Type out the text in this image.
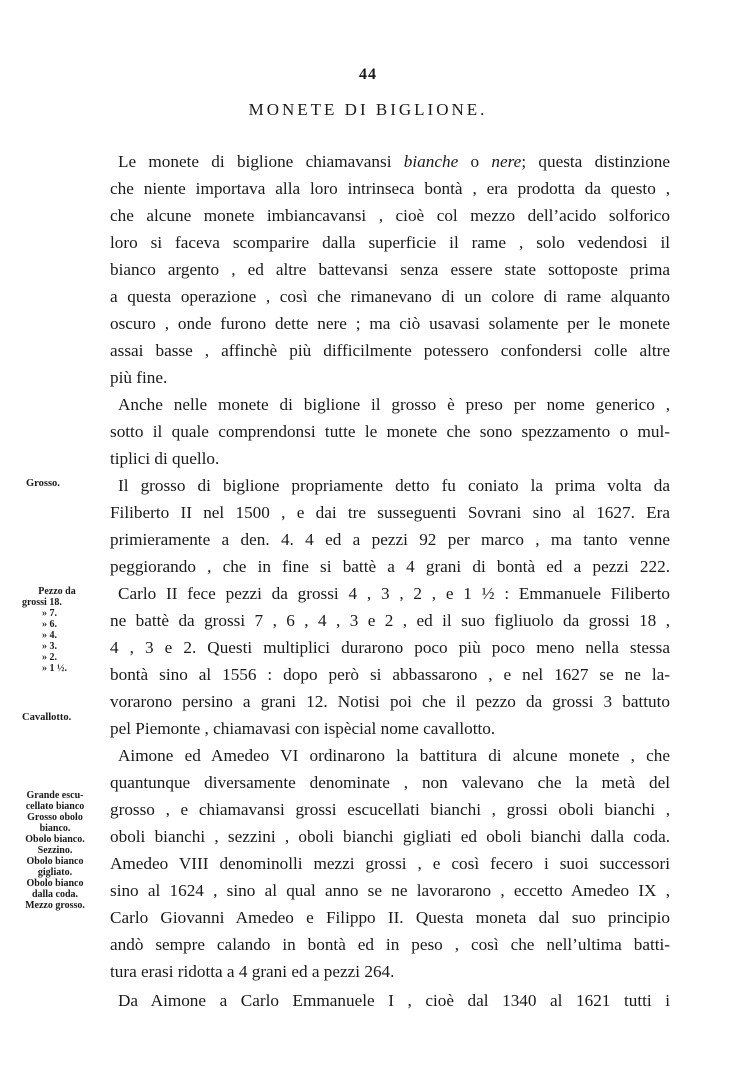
44
MONETE DI BIGLIONE.
Le monete di biglione chiamavansi bianche o nere; questa distinzione
che niente importava alla loro intrinseca bontà , era prodotta da questo ,
che alcune monete imbiancavansi , cioè col mezzo dell’acido solforico
loro si faceva scomparire dalla superficie il rame , solo vedendosi il
bianco argento , ed altre battevansi senza essere state sottoposte prima
a questa operazione , così che rimanevano di un colore di rame alquanto
oscuro , onde furono dette nere ; ma ciò usavasi solamente per le monete
assai basse , affinchè più difficilmente potessero confondersi colle altre
più fine.
Anche nelle monete di biglione il grosso è preso per nome generico ,
sotto il quale comprendonsi tutte le monete che sono spezzamento o mul-
tiplici di quello.
Il grosso di biglione propriamente detto fu coniato la prima volta da
Filiberto II nel 1500 , e dai tre susseguenti Sovrani sino al 1627. Era
primieramente a den. 4. 4 ed a pezzi 92 per marco , ma tanto venne
peggiorando , che in fine si battè a 4 grani di bontà ed a pezzi 222.
Carlo II fece pezzi da grossi 4 , 3 , 2 , e 1 ½ : Emmanuele Filiberto
ne battè da grossi 7 , 6 , 4 , 3 e 2 , ed il suo figliuolo da grossi 18 ,
4 , 3 e 2. Questi multiplici durarono poco più poco meno nella stessa
bontà sino al 1556 : dopo però si abbassarono , e nel 1627 se ne la-
vorarono persino a grani 12. Notisi poi che il pezzo da grossi 3 battuto
pel Piemonte , chiamavasi con ispècial nome cavallotto.
Aimone ed Amedeo VI ordinarono la battitura di alcune monete , che
quantunque diversamente denominate , non valevano che la metà del
grosso , e chiamavansi grossi escucellati bianchi , grossi oboli bianchi ,
oboli bianchi , sezzini , oboli bianchi gigliati ed oboli bianchi dalla coda.
Amedeo VIII denominolli mezzi grossi , e così fecero i suoi successori
sino al 1624 , sino al qual anno se ne lavorarono , eccetto Amedeo IX ,
Carlo Giovanni Amedeo e Filippo II. Questa moneta dal suo principio
andò sempre calando in bontà ed in peso , così che nell’ultima batti-
tura erasi ridotta a 4 grani ed a pezzi 264.
Da Aimone a Carlo Emmanuele I , cioè dal 1340 al 1621 tutti i
Grosso.
Pezzo da
grossi 18.
» 7.
» 6.
» 4.
» 3.
» 2.
» 1 ½.
Cavallotto.
Grande escu-
cellato bianco
Grosso obolo
bianco.
Obolo bianco.
Sezzino.
Obolo bianco
gigliato.
Obolo bianco
dalla coda.
Mezzo grosso.
